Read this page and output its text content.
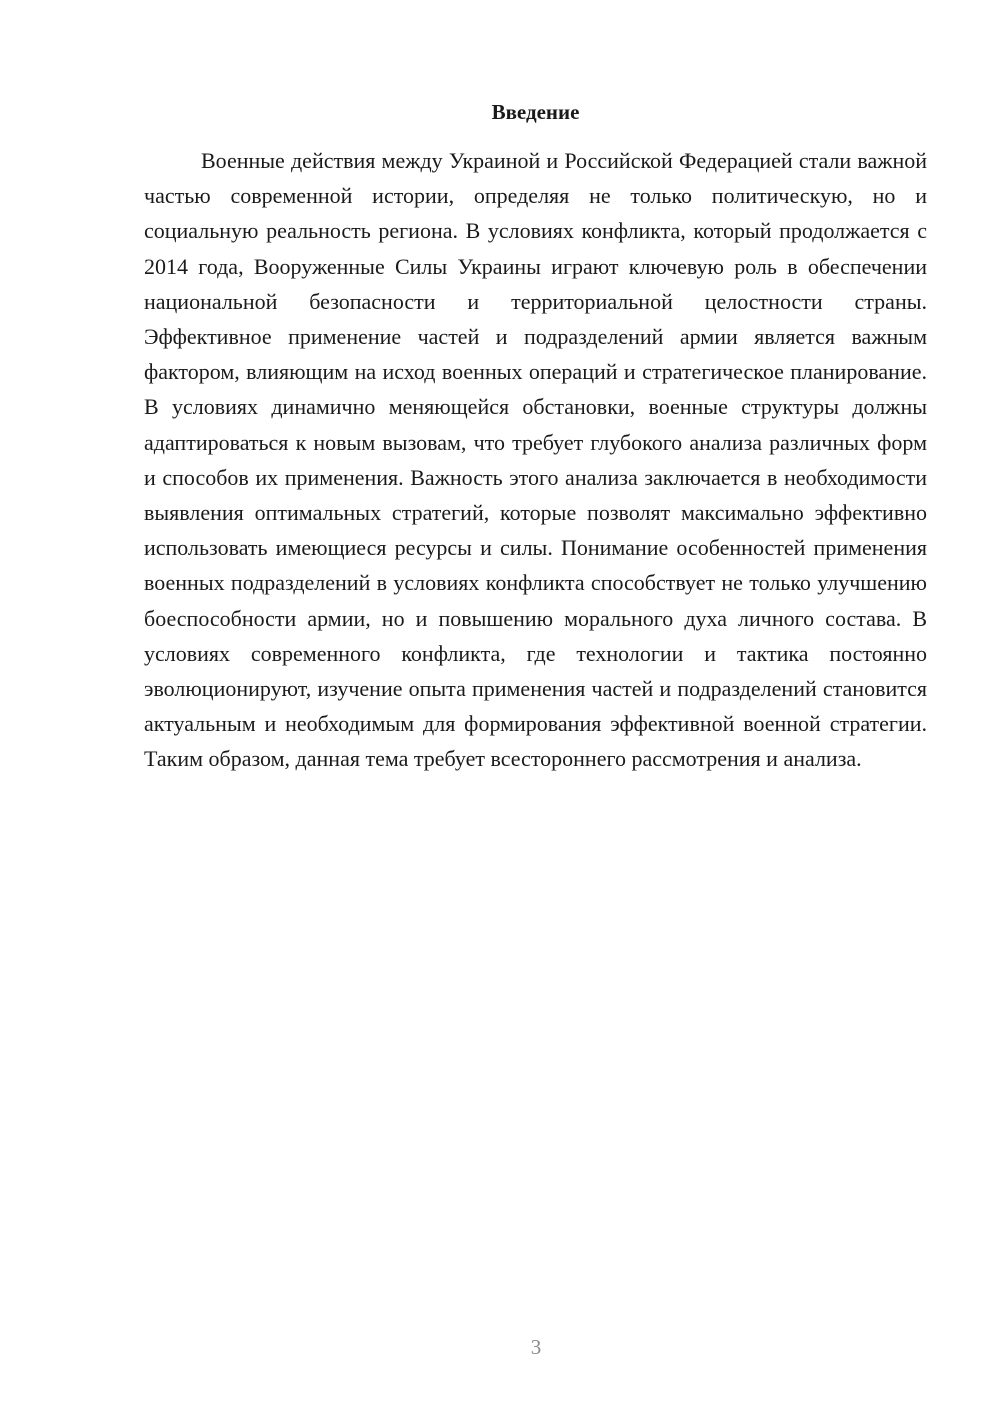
Введение

Военные действия между Украиной и Российской Федерацией стали важной частью современной истории, определяя не только политическую, но и социальную реальность региона. В условиях конфликта, который продолжается с 2014 года, Вооруженные Силы Украины играют ключевую роль в обеспечении национальной безопасности и территориальной целостности страны. Эффективное применение частей и подразделений армии является важным фактором, влияющим на исход военных операций и стратегическое планирование. В условиях динамично меняющейся обстановки, военные структуры должны адаптироваться к новым вызовам, что требует глубокого анализа различных форм и способов их применения. Важность этого анализа заключается в необходимости выявления оптимальных стратегий, которые позволят максимально эффективно использовать имеющиеся ресурсы и силы. Понимание особенностей применения военных подразделений в условиях конфликта способствует не только улучшению боеспособности армии, но и повышению морального духа личного состава. В условиях современного конфликта, где технологии и тактика постоянно эволюционируют, изучение опыта применения частей и подразделений становится актуальным и необходимым для формирования эффективной военной стратегии. Таким образом, данная тема требует всестороннего рассмотрения и анализа.

3
